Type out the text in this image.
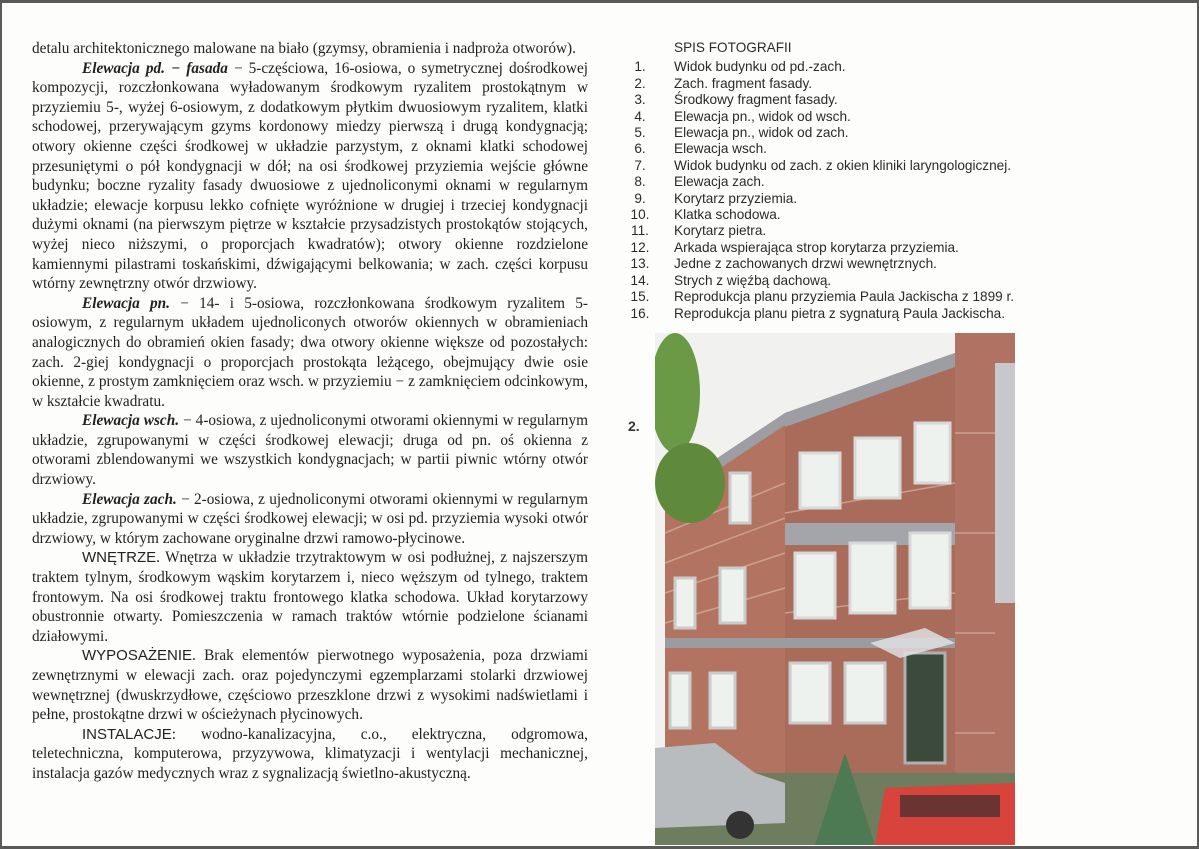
detalu architektonicznego malowane na biało (gzymsy, obramienia i nadproża otworów).

Elewacja pd. − fasada − 5-częściowa, 16-osiowa, o symetrycznej dośrodkowej kompozycji, rozczłonkowana wyładowanym środkowym ryzalitem prostokątnym w przyziemiu 5-, wyżej 6-osiowym, z dodatkowym płytkim dwuosiowym ryzalitem, klatki schodowej, przerywającym gzyms kordonowy miedzy pierwszą i drugą kondygnacją; otwory okienne części środkowej w układzie parzystym, z oknami klatki schodowej przesuniętymi o pół kondygnacji w dół; na osi środkowej przyziemia wejście główne budynku; boczne ryzality fasady dwuosiowe z ujednoliconymi oknami w regularnym układzie; elewacje korpusu lekko cofnięte wyróżnione w drugiej i trzeciej kondygnacji dużymi oknami (na pierwszym piętrze w kształcie przysadzistych prostokątów stojących, wyżej nieco niższymi, o proporcjach kwadratów); otwory okienne rozdzielone kamiennymi pilastrami toskańskimi, dźwigającymi belkowania; w zach. części korpusu wtórny zewnętrzny otwór drzwiowy.

Elewacja pn. − 14- i 5-osiowa, rozczłonkowana środkowym ryzalitem 5-osiowym, z regularnym układem ujednoliconych otworów okiennych w obramieniach analogicznych do obramień okien fasady; dwa otwory okienne większe od pozostałych: zach. 2-giej kondygnacji o proporcjach prostokąta leżącego, obejmujący dwie osie okienne, z prostym zamknięciem oraz wsch. w przyziemiu − z zamknięciem odcinkowym, w kształcie kwadratu.

Elewacja wsch. − 4-osiowa, z ujednoliconymi otworami okiennymi w regularnym układzie, zgrupowanymi w części środkowej elewacji; druga od pn. oś okienna z otworami zblendowanymi we wszystkich kondygnacjach; w partii piwnic wtórny otwór drzwiowy.

Elewacja zach. − 2-osiowa, z ujednoliconymi otworami okiennymi w regularnym układzie, zgrupowanymi w części środkowej elewacji; w osi pd. przyziemia wysoki otwór drzwiowy, w którym zachowane oryginalne drzwi ramowo-płycinowe.

WNĘTRZE. Wnętrza w układzie trzytraktowym w osi podłużnej, z najszerszym traktem tylnym, środkowym wąskim korytarzem i, nieco węższym od tylnego, traktem frontowym. Na osi środkowej traktu frontowego klatka schodowa. Układ korytarzowy obustronnie otwarty. Pomieszczenia w ramach traktów wtórnie podzielone ścianami działowymi.

WYPOSAŻENIE. Brak elementów pierwotnego wyposażenia, poza drzwiami zewnętrznymi w elewacji zach. oraz pojedynczymi egzemplarzami stolarki drzwiowej wewnętrznej (dwuskrzydłowe, częściowo przeszklone drzwi z wysokimi nadświetlami i pełne, prostokątne drzwi w ościeżynach płycinowych.

INSTALACJE: wodno-kanalizacyjna, c.o., elektryczna, odgromowa, teletechniczna, komputerowa, przyzywowa, klimatyzacji i wentylacji mechanicznej, instalacja gazów medycznych wraz z sygnalizacją świetlno-akustyczną.

SPIS FOTOGRAFII
1.	Widok budynku od pd.-zach.
2.	Zach. fragment fasady.
3.	Środkowy fragment fasady.
4.	Elewacja pn., widok od wsch.
5.	Elewacja pn., widok od zach.
6.	Elewacja wsch.
7.	Widok budynku od zach. z okien kliniki laryngologicznej.
8.	Elewacja zach.
9.	Korytarz przyziemia.
10.	Klatka schodowa.
11.	Korytarz pietra.
12.	Arkada wspierająca strop korytarza przyziemia.
13.	Jedne z zachowanych drzwi wewnętrznych.
14.	Strych z więźbą dachową.
15.	Reprodukcja planu przyziemia Paula Jackischa z 1899 r.
16.	Reprodukcja planu pietra z sygnaturą Paula Jackischa.
2.
